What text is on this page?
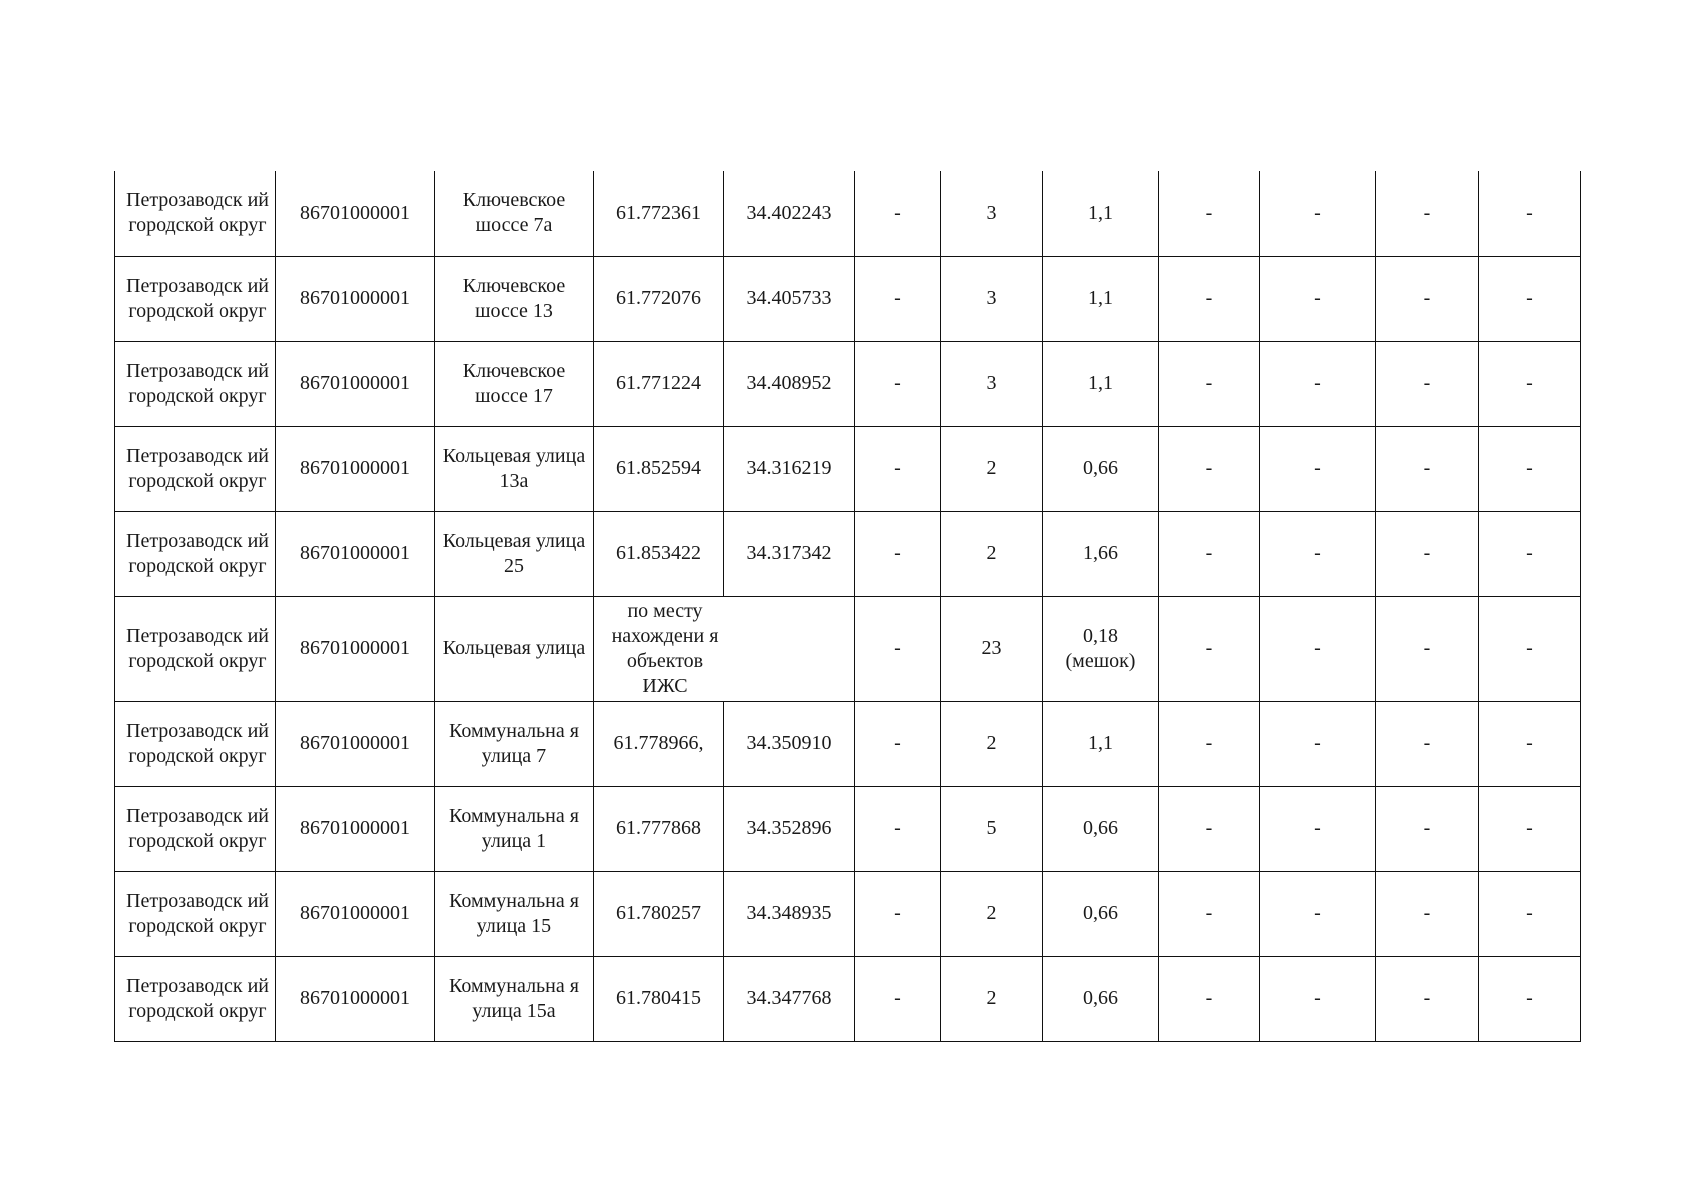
Петрозаводск ий городской округ	86701000001	Ключевское шоссе 7а	61.772361	34.402243	-	3	1,1	-	-	-	-
Петрозаводск ий городской округ	86701000001	Ключевское шоссе 13	61.772076	34.405733	-	3	1,1	-	-	-	-
Петрозаводск ий городской округ	86701000001	Ключевское шоссе 17	61.771224	34.408952	-	3	1,1	-	-	-	-
Петрозаводск ий городской округ	86701000001	Кольцевая улица 13а	61.852594	34.316219	-	2	0,66	-	-	-	-
Петрозаводск ий городской округ	86701000001	Кольцевая улица 25	61.853422	34.317342	-	2	1,66	-	-	-	-
Петрозаводск ий городской округ	86701000001	Кольцевая улица	по месту нахождени я объектов ИЖС		-	23	0,18 (мешок)	-	-	-	-
Петрозаводск ий городской округ	86701000001	Коммунальна я улица 7	61.778966,	34.350910	-	2	1,1	-	-	-	-
Петрозаводск ий городской округ	86701000001	Коммунальна я улица 1	61.777868	34.352896	-	5	0,66	-	-	-	-
Петрозаводск ий городской округ	86701000001	Коммунальна я улица 15	61.780257	34.348935	-	2	0,66	-	-	-	-
Петрозаводск ий городской округ	86701000001	Коммунальна я улица 15а	61.780415	34.347768	-	2	0,66	-	-	-	-
